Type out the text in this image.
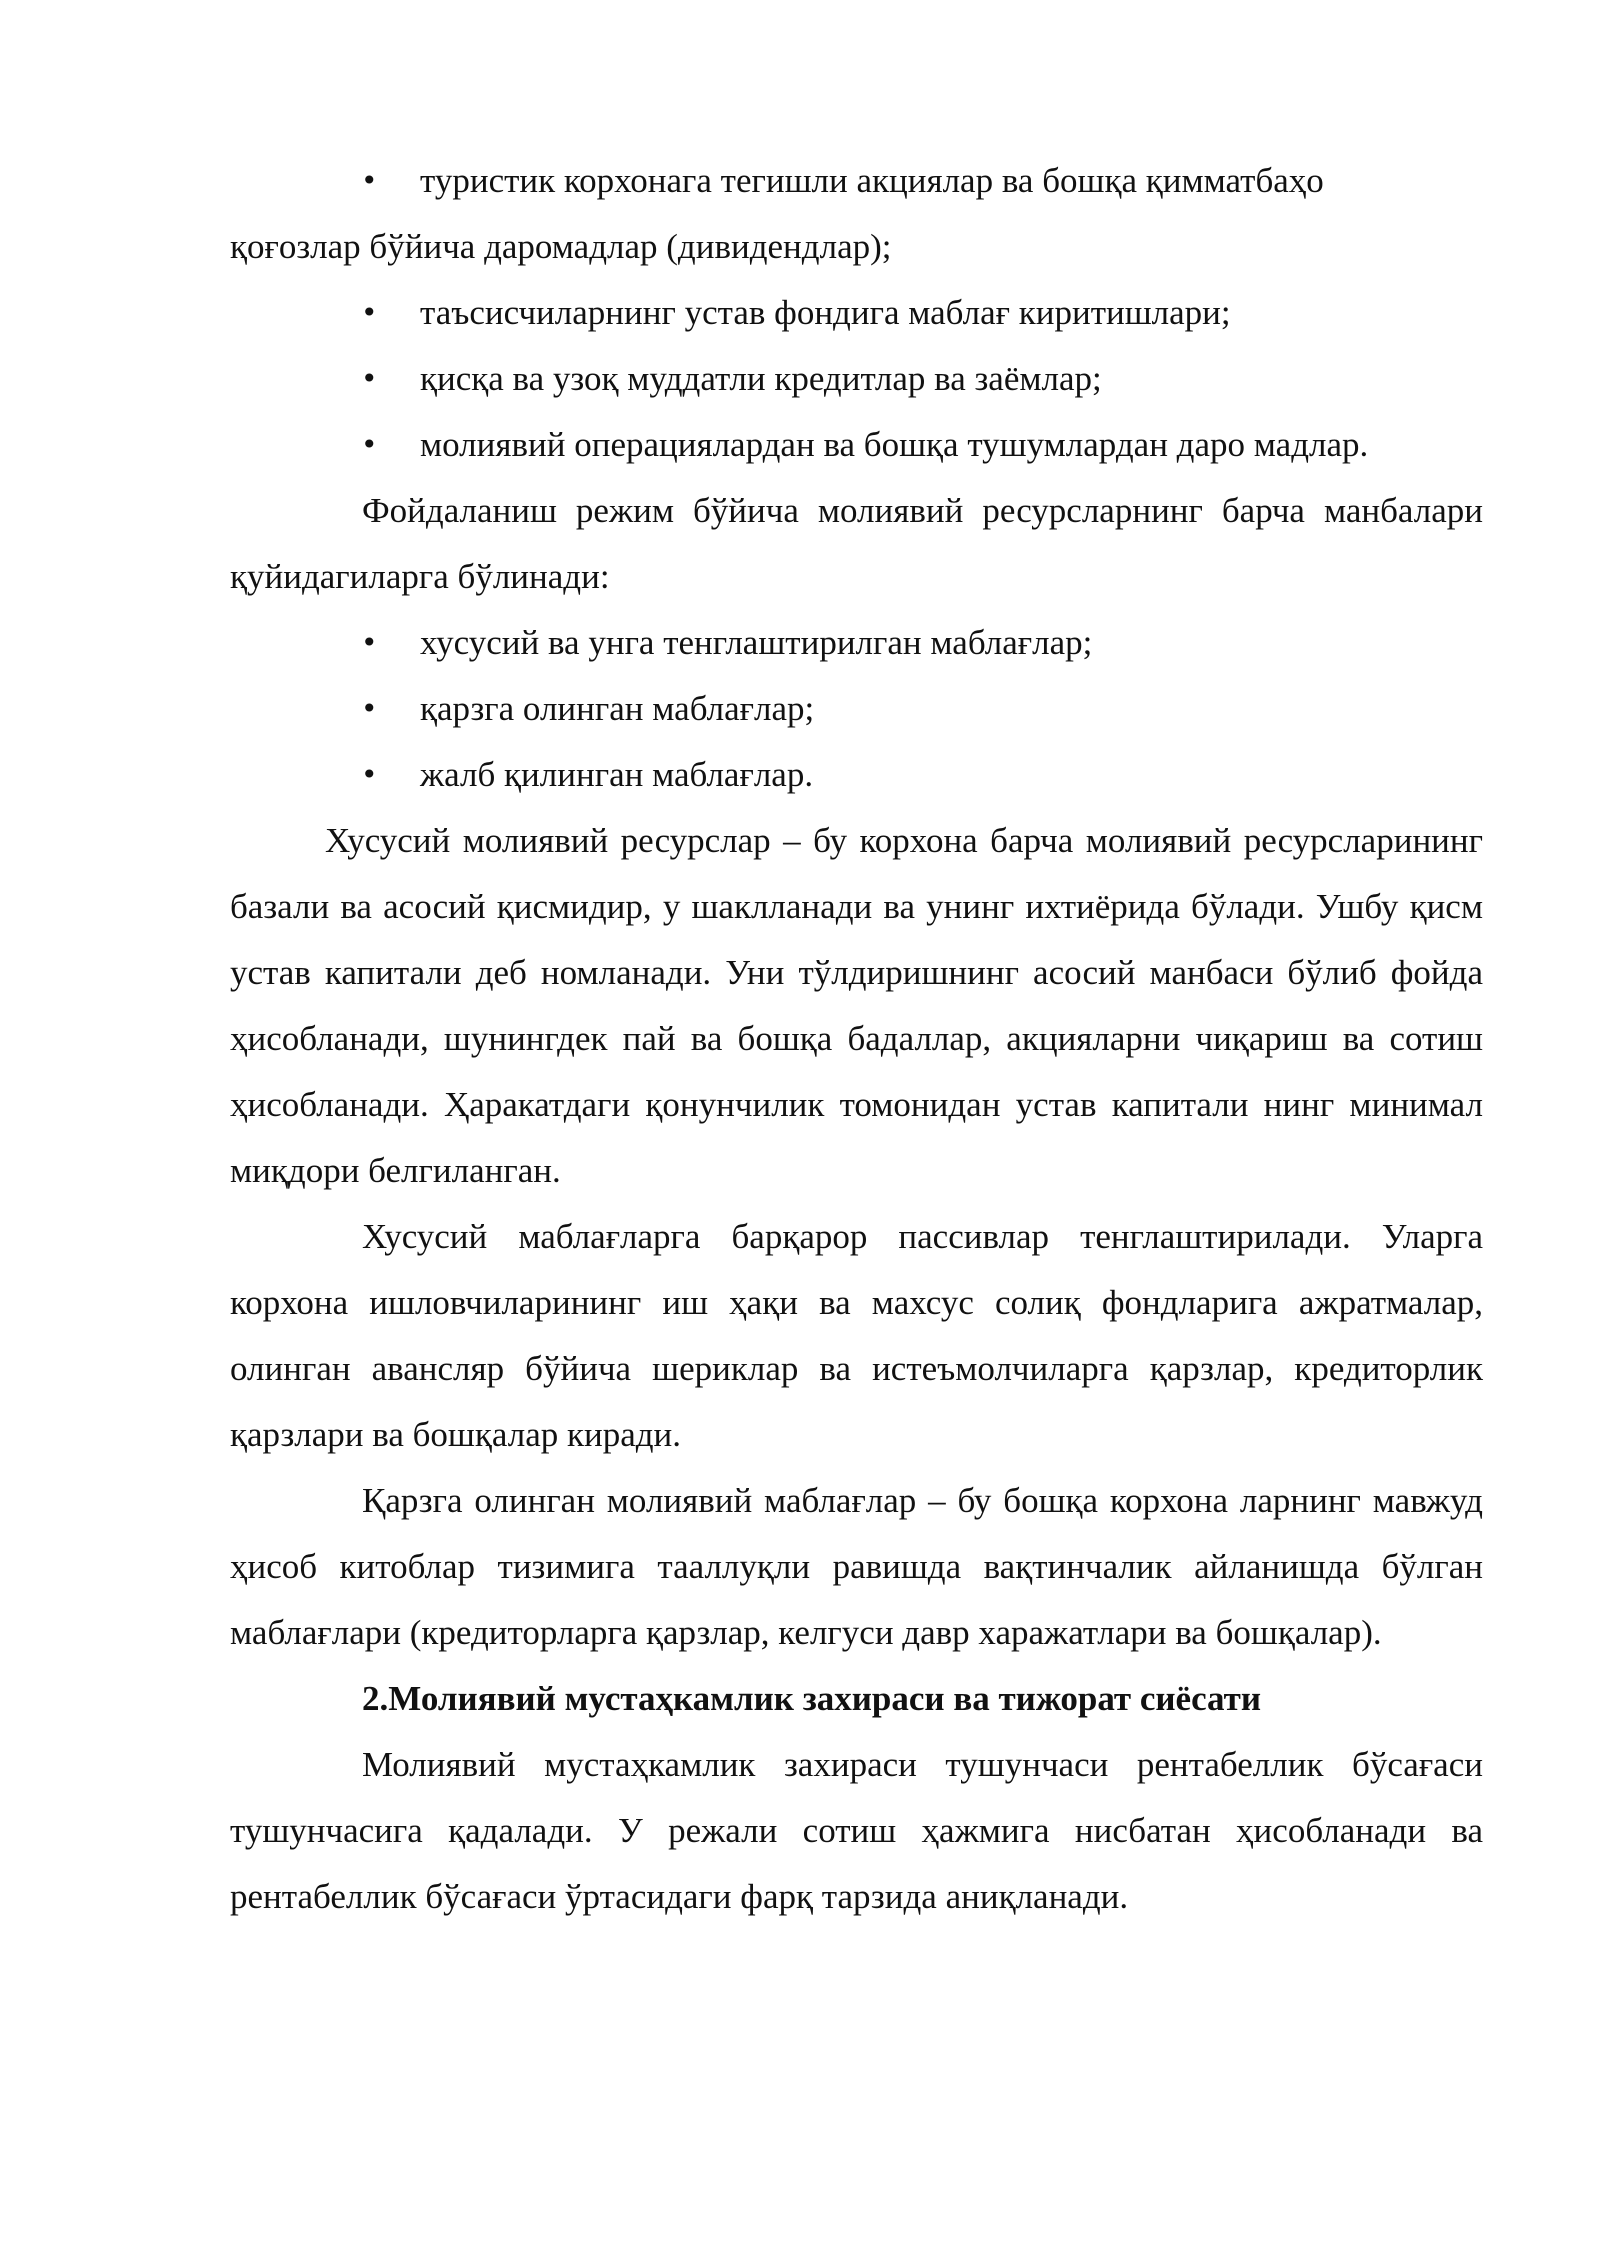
• туристик корхонага тегишли акциялар ва бошқа қимматбаҳо
қоғозлар бўйича даромадлар (дивидендлар);
• таъсисчиларнинг устав фондига маблағ киритишлари;
• қисқа ва узоқ муддатли кредитлар ва заёмлар;
• молиявий операциялардан ва бошқа тушумлардан даро мадлар.

Фойдаланиш режим бўйича молиявий ресурсларнинг барча манбалари қуйидагиларга бўлинади:

• хусусий ва унга тенглаштирилган маблағлар;
• қарзга олинган маблағлар;
• жалб қилинган маблағлар.

Хусусий молиявий ресурслар – бу корхона барча молиявий ресурсларининг базали ва асосий қисмидир, у шаклланади ва унинг ихтиёрида бўлади. Ушбу қисм устав капитали деб номланади. Уни тўлдиришнинг асосий манбаси бўлиб фойда ҳисобланади, шунингдек пай ва бошқа бадаллар, акцияларни чиқариш ва сотиш ҳисобланади. Ҳаракатдаги қонунчилик томонидан устав капитали нинг минимал миқдори белгиланган.

Хусусий маблағларга барқарор пассивлар тенглаштирилади. Уларга корхона ишловчиларининг иш ҳақи ва махсус солиқ фондларига ажратмалар, олинган авансляр бўйича шериклар ва истеъмолчиларга қарзлар, кредиторлик қарзлари ва бошқалар киради.

Қарзга олинган молиявий маблағлар – бу бошқа корхона ларнинг мавжуд ҳисоб китоблар тизимига тааллуқли равишда вақтинчалик айланишда бўлган маблағлари (кредиторларга қарзлар, келгуси давр харажатлари ва бошқалар).

2.Молиявий мустаҳкамлик захираси ва тижорат сиёсати

Молиявий мустаҳкамлик захираси тушунчаси рентабеллик бўсағаси тушунчасига қадалади. У режали сотиш ҳажмига нисбатан ҳисобланади ва рентабеллик бўсағаси ўртасидаги фарқ тарзида аниқланади.
